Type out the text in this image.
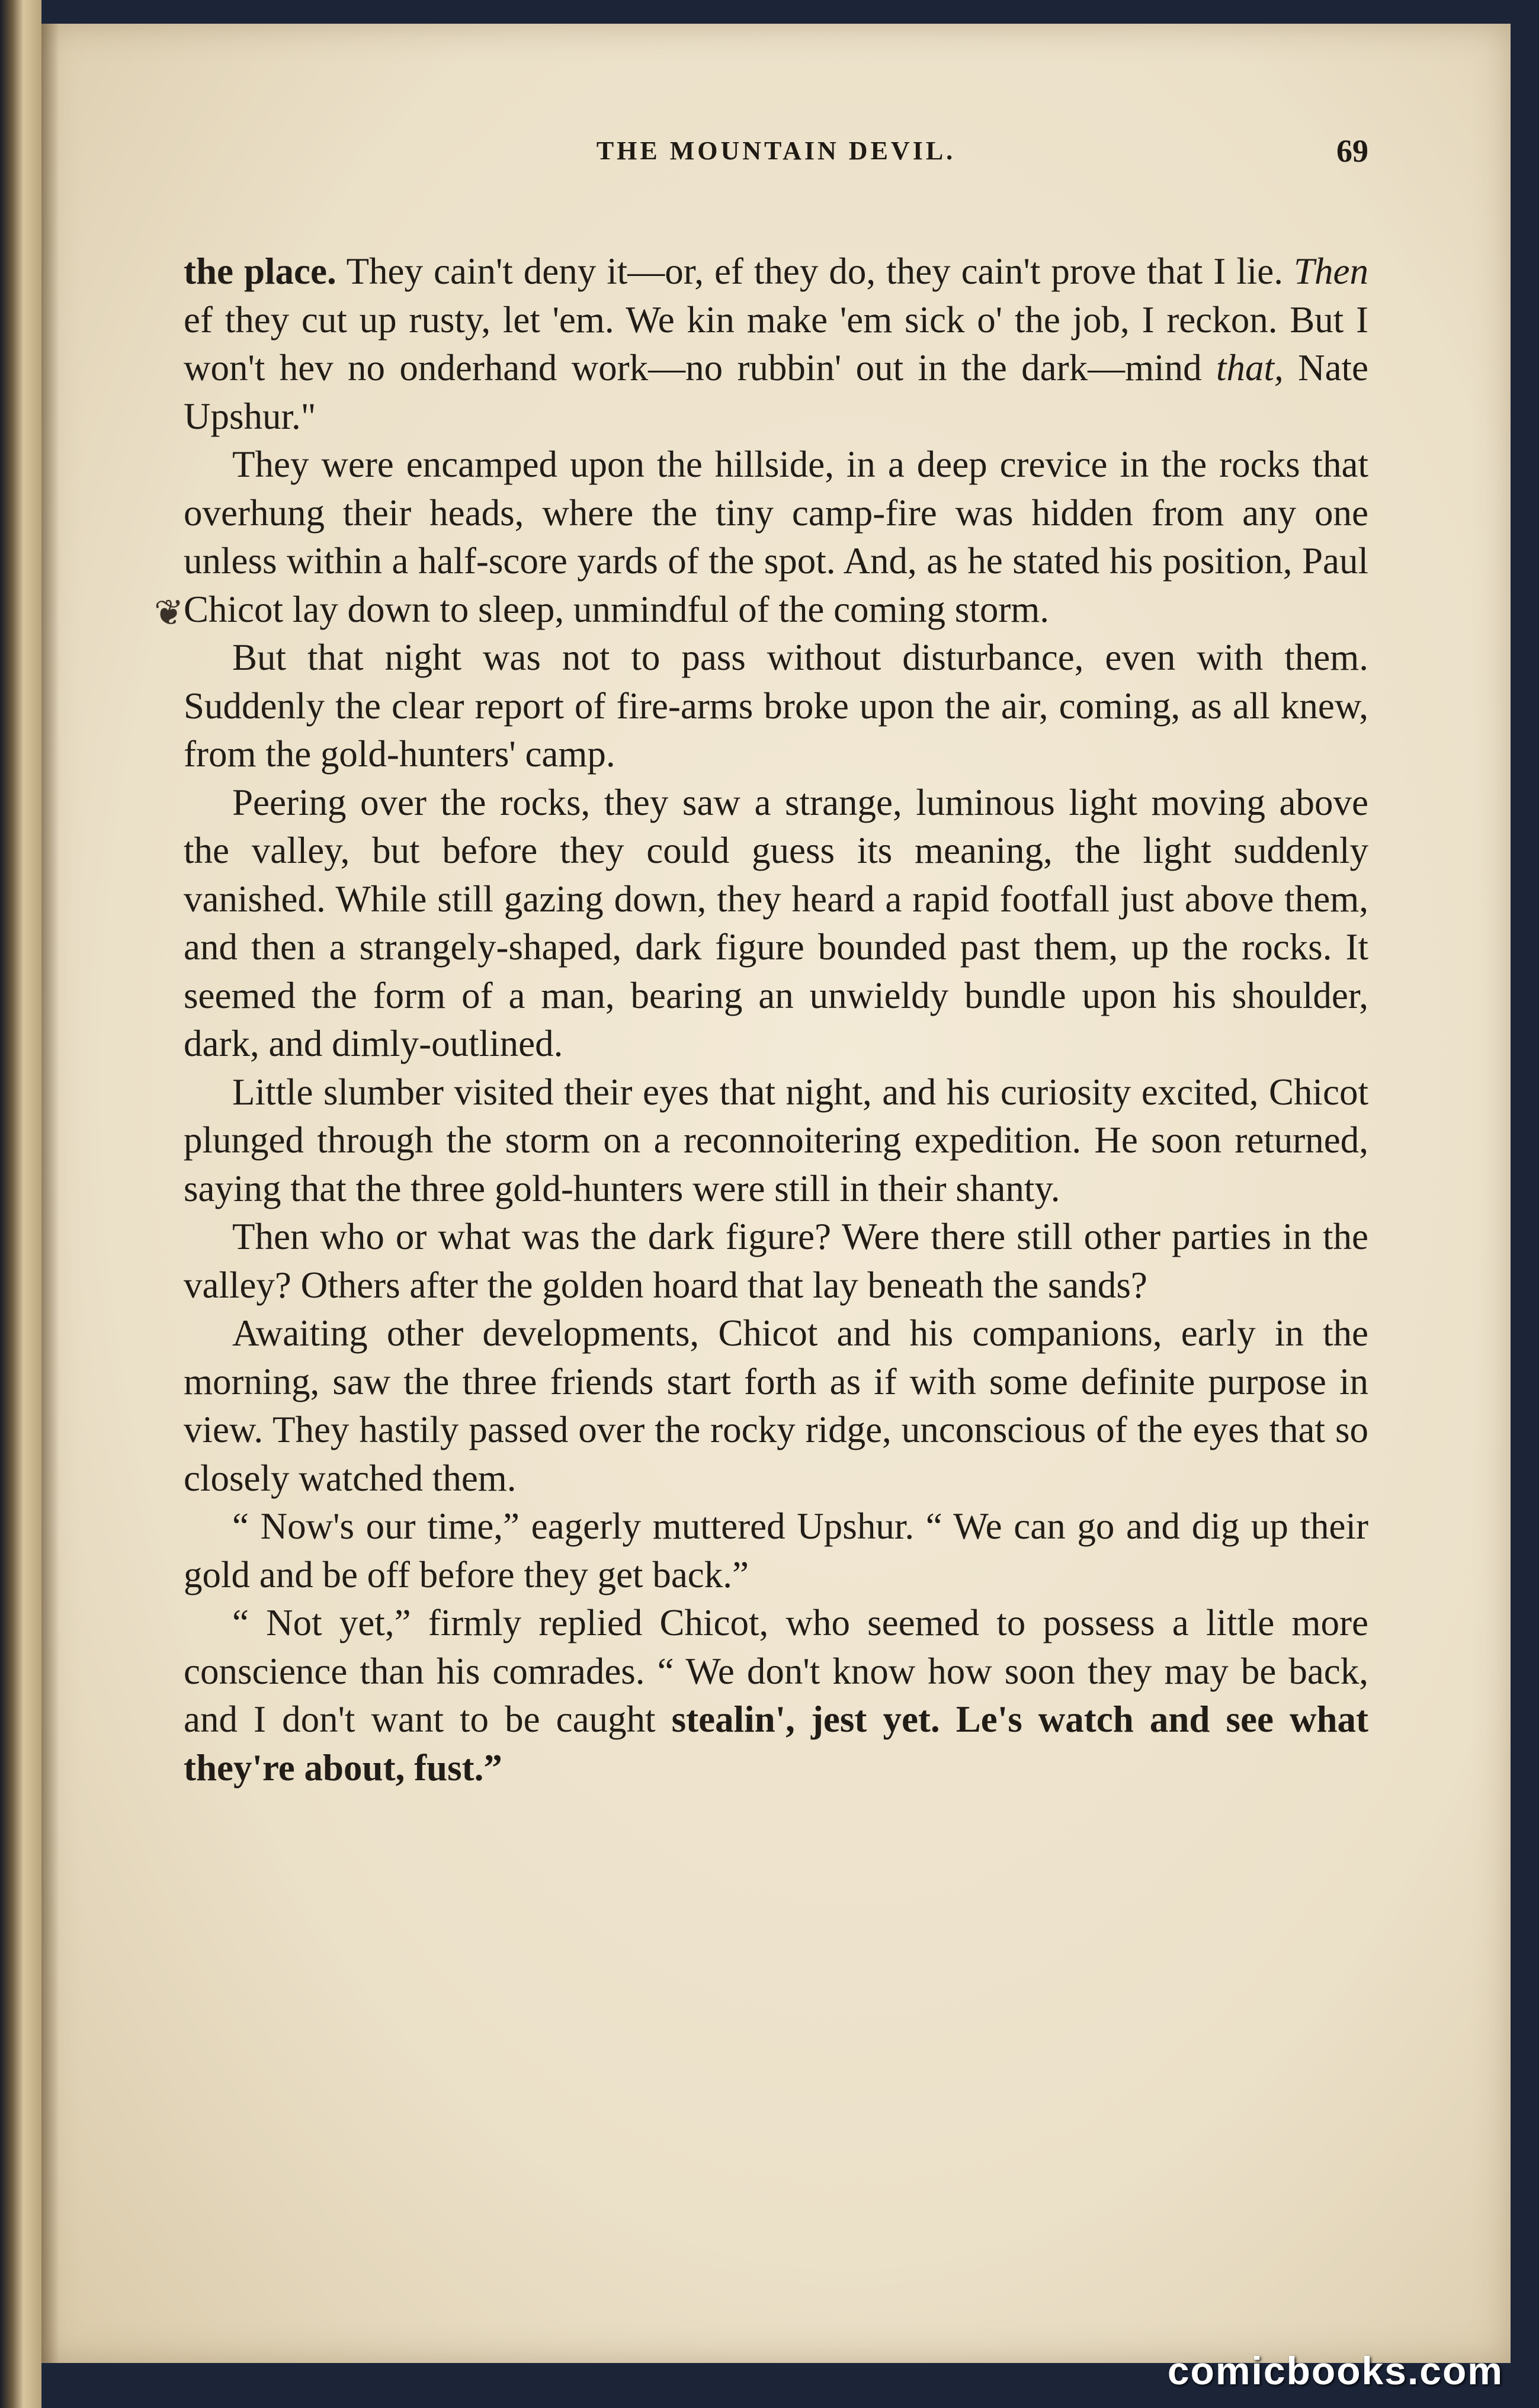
THE MOUNTAIN DEVIL.	69

the place. They cain't deny it—or, ef they do, they cain't prove that I lie. Then ef they cut up rusty, let 'em. We kin make 'em sick o' the job, I reckon. But I won't hev no onderhand work—no rubbin' out in the dark—mind that, Nate Upshur."

They were encamped upon the hillside, in a deep crevice in the rocks that overhung their heads, where the tiny camp-fire was hidden from any one unless within a half-score yards of the spot. And, as he stated his position, Paul Chicot lay down to sleep, unmindful of the coming storm.

But that night was not to pass without disturbance, even with them. Suddenly the clear report of fire-arms broke upon the air, coming, as all knew, from the gold-hunters' camp.

Peering over the rocks, they saw a strange, luminous light moving above the valley, but before they could guess its meaning, the light suddenly vanished. While still gazing down, they heard a rapid footfall just above them, and then a strangely-shaped, dark figure bounded past them, up the rocks. It seemed the form of a man, bearing an unwieldy bundle upon his shoulder, dark, and dimly-outlined.

Little slumber visited their eyes that night, and his curiosity excited, Chicot plunged through the storm on a reconnoitering expedition. He soon returned, saying that the three gold-hunters were still in their shanty.

Then who or what was the dark figure? Were there still other parties in the valley? Others after the golden hoard that lay beneath the sands?

Awaiting other developments, Chicot and his companions, early in the morning, saw the three friends start forth as if with some definite purpose in view. They hastily passed over the rocky ridge, unconscious of the eyes that so closely watched them.

“ Now's our time,” eagerly muttered Upshur. “ We can go and dig up their gold and be off before they get back.”

“ Not yet,” firmly replied Chicot, who seemed to possess a little more conscience than his comrades. “ We don't know how soon they may be back, and I don't want to be caught stealin', jest yet. Le's watch and see what they're about, fust.”

❦
comicbooks.com
